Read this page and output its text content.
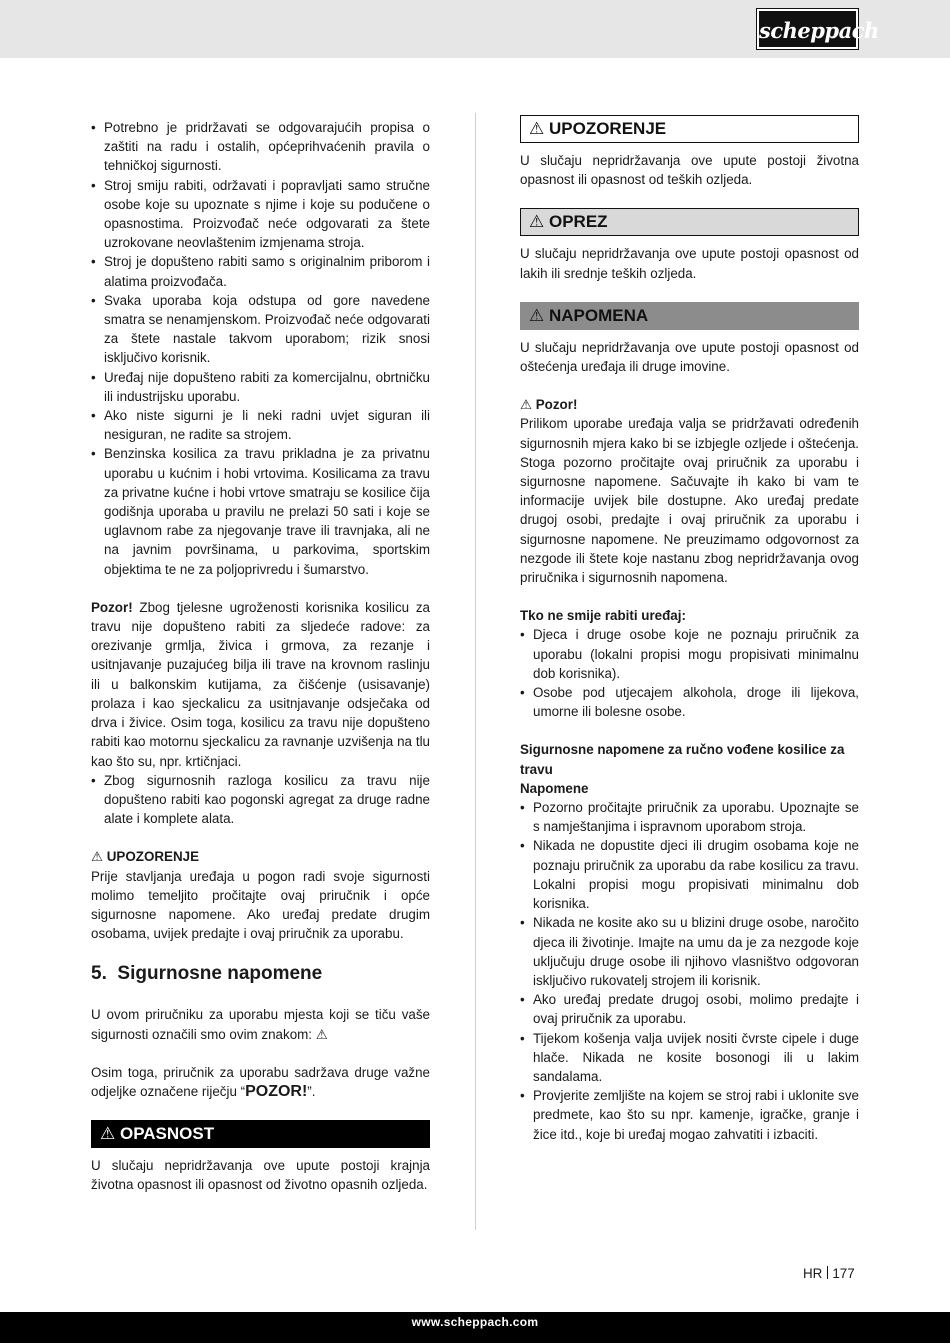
scheppach
• Potrebno je pridržavati se odgovarajućih propisa o zaštiti na radu i ostalih, općeprihvaćenih pravila o tehničkoj sigurnosti.
• Stroj smiju rabiti, održavati i popravljati samo stručne osobe koje su upoznate s njime i koje su podučene o opasnostima. Proizvođač neće odgovarati za štete uzrokovane neovlaštenim izmjenama stroja.
• Stroj je dopušteno rabiti samo s originalnim priborom i alatima proizvođača.
• Svaka uporaba koja odstupa od gore navedene smatra se nenamjenskom. Proizvođač neće odgovarati za štete nastale takvom uporabom; rizik snosi isključivo korisnik.
• Uređaj nije dopušteno rabiti za komercijalnu, obrtničku ili industrijsku uporabu.
• Ako niste sigurni je li neki radni uvjet siguran ili nesiguran, ne radite sa strojem.
• Benzinska kosilica za travu prikladna je za privatnu uporabu u kućnim i hobi vrtovima. Kosilicama za travu za privatne kućne i hobi vrtove smatraju se kosilice čija godišnja uporaba u pravilu ne prelazi 50 sati i koje se uglavnom rabe za njegovanje trave ili travnjaka, ali ne na javnim površinama, u parkovima, sportskim objektima te ne za poljoprivredu i šumarstvo.

Pozor! Zbog tjelesne ugroženosti korisnika kosilicu za travu nije dopušteno rabiti za sljedeće radove: za orezivanje grmlja, živica i grmova, za rezanje i usitnjavanje puzajućeg bilja ili trave na krovnom raslinju ili u balkonskim kutijama, za čišćenje (usisavanje) prolaza i kao sjeckalicu za usitnjavanje odsječaka od drva i živice. Osim toga, kosilicu za travu nije dopušteno rabiti kao motornu sjeckalicu za ravnanje uzvišenja na tlu kao što su, npr. krtičnjaci.

• Zbog sigurnosnih razloga kosilicu za travu nije dopušteno rabiti kao pogonski agregat za druge radne alate i komplete alata.
⚠ UPOZORENJE

Prije stavljanja uređaja u pogon radi svoje sigurnosti molimo temeljito pročitajte ovaj priručnik i opće sigurnosne napomene. Ako uređaj predate drugim osobama, uvijek predajte i ovaj priručnik za uporabu.

5. Sigurnosne napomene

U ovom priručniku za uporabu mjesta koji se tiču vaše sigurnosti označili smo ovim znakom: ⚠

Osim toga, priručnik za uporabu sadržava druge važne odjeljke označene riječju “POZOR!”.

⚠ OPASNOST

U slučaju nepridržavanja ove upute postoji krajnja životna opasnost ili opasnost od životno opasnih ozljeda.

⚠ UPOZORENJE

U slučaju nepridržavanja ove upute postoji životna opasnost ili opasnost od teških ozljeda.

⚠ OPREZ

U slučaju nepridržavanja ove upute postoji opasnost od lakih ili srednje teških ozljeda.

⚠ NAPOMENA

U slučaju nepridržavanja ove upute postoji opasnost od oštećenja uređaja ili druge imovine.

⚠ Pozor!

Prilikom uporabe uređaja valja se pridržavati određenih sigurnosnih mjera kako bi se izbjegle ozljede i oštećenja. Stoga pozorno pročitajte ovaj priručnik za uporabu i sigurnosne napomene. Sačuvajte ih kako bi vam te informacije uvijek bile dostupne. Ako uređaj predate drugoj osobi, predajte i ovaj priručnik za uporabu i sigurnosne napomene. Ne preuzimamo odgovornost za nezgode ili štete koje nastanu zbog nepridržavanja ovog priručnika i sigurnosnih napomena.

Tko ne smije rabiti uređaj:
• Djeca i druge osobe koje ne poznaju priručnik za uporabu (lokalni propisi mogu propisivati minimalnu dob korisnika).
• Osobe pod utjecajem alkohola, droge ili lijekova, umorne ili bolesne osobe.
Sigurnosne napomene za ručno vođene kosilice za travu
Napomene
• Pozorno pročitajte priručnik za uporabu. Upoznajte se s namještanjima i ispravnom uporabom stroja.
• Nikada ne dopustite djeci ili drugim osobama koje ne poznaju priručnik za uporabu da rabe kosilicu za travu. Lokalni propisi mogu propisivati minimalnu dob korisnika.
• Nikada ne kosite ako su u blizini druge osobe, naročito djeca ili životinje. Imajte na umu da je za nezgode koje uključuju druge osobe ili njihovo vlasništvo odgovoran isključivo rukovatelj strojem ili korisnik.
• Ako uređaj predate drugoj osobi, molimo predajte i ovaj priručnik za uporabu.
• Tijekom košenja valja uvijek nositi čvrste cipele i duge hlače. Nikada ne kosite bosonogi ili u lakim sandalama.
• Provjerite zemljište na kojem se stroj rabi i uklonite sve predmete, kao što su npr. kamenje, igračke, granje i žice itd., koje bi uređaj mogao zahvatiti i izbaciti.
HR 177
www.scheppach.com
